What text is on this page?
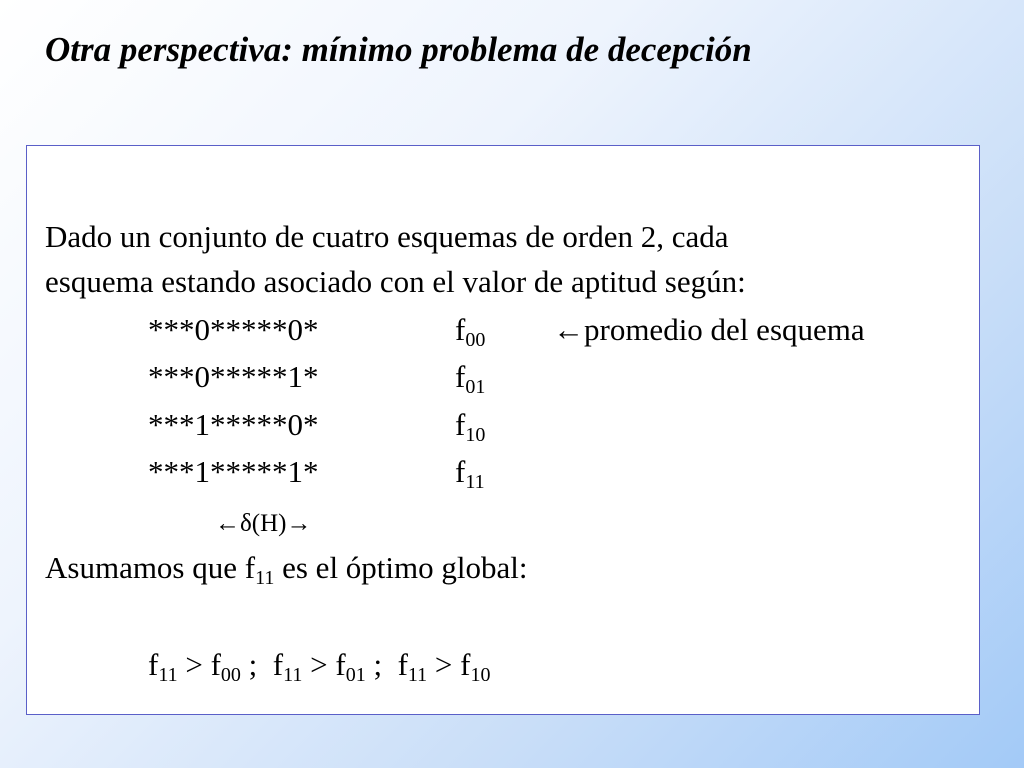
Otra perspectiva: mínimo problema de decepción
Dado un conjunto de cuatro esquemas de orden 2, cada
esquema estando asociado con el valor de aptitud según:
***0*****0*	$f_{00}$ ←promedio del esquema
***0*****1*	$f_{01}$
***1*****0*	$f_{10}$
***1*****1*	$f_{11}$
←δ(H)→
Asumamos que $f_{11}$ es el óptimo global:
$f_{11} > f_{00}$ ;  $f_{11} > f_{01}$ ;  $f_{11} > f_{10}$
